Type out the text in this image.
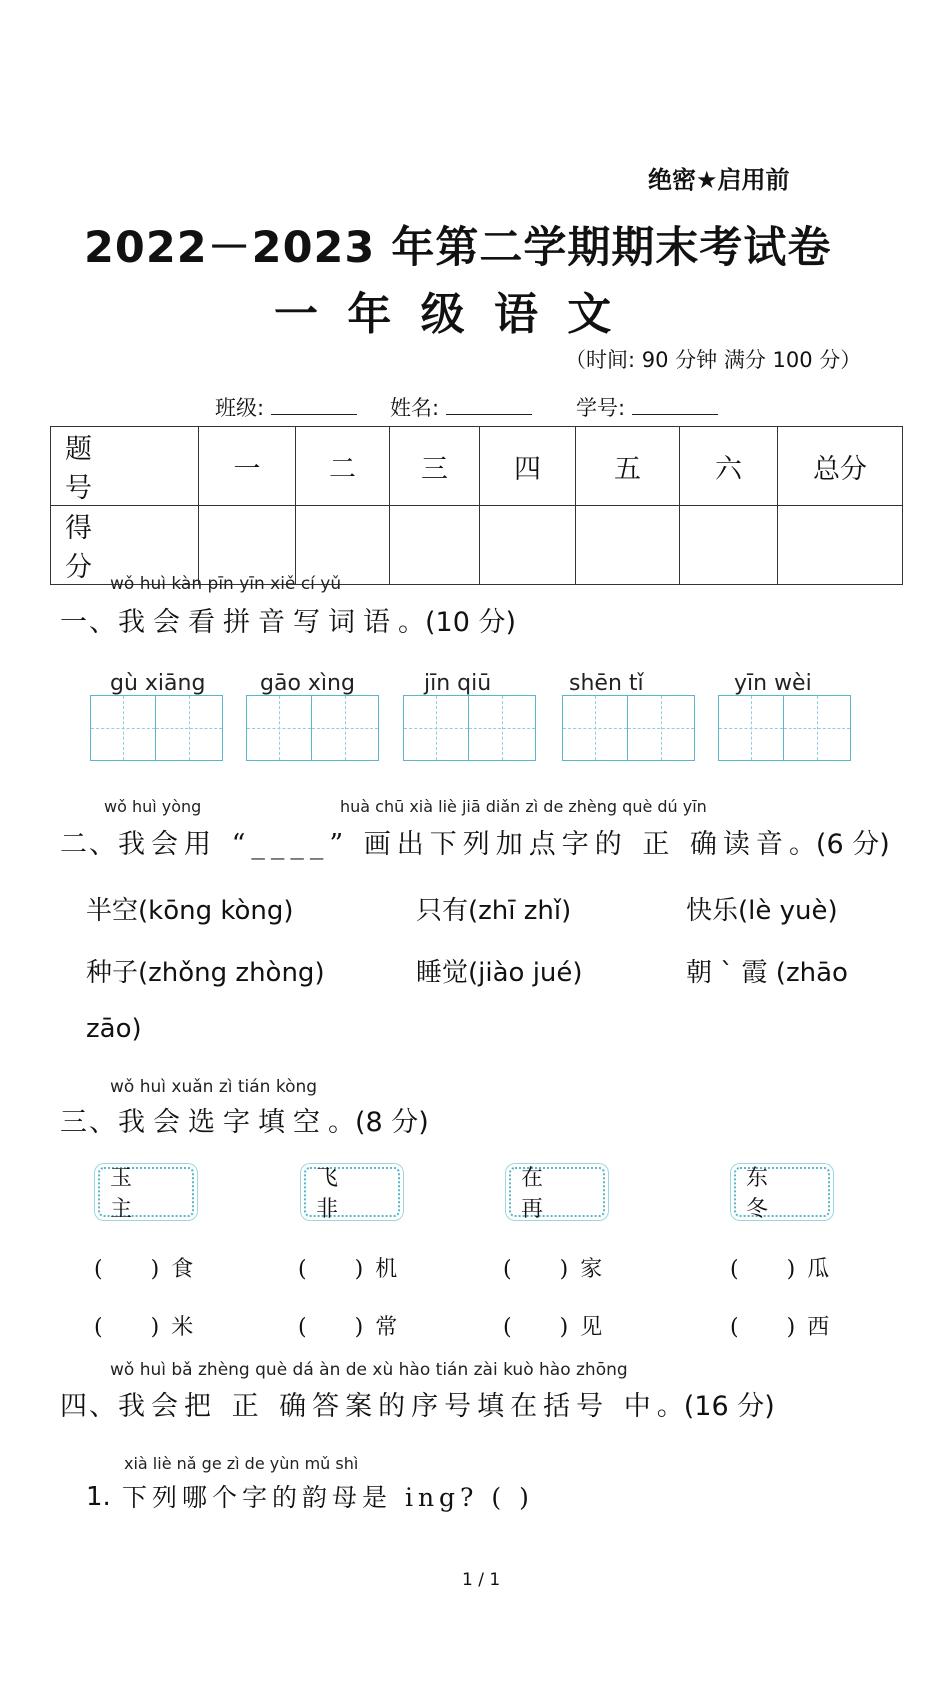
绝密★启用前
2022－2023 年第二学期期末考试卷
一 年 级 语 文
（时间: 90 分钟 满分 100 分）
班级:	姓名:	学号:
题　号	一	二	三	四	五	六	总分
得　分							
wǒ huì kàn pīn yīn xiě cí yǔ
一、我会看拼音写词语。(10 分)
gù xiāng gāo xìng	jīn qiū	shēn tǐ	yīn wèi
wǒ huì yòng	huà chū xià liè jiā diǎn zì de zhèng què dú yīn
二、我会用 “____” 画出下列加点字的 正 确读音。(6 分)
半空(kōng kòng)	只有(zhī zhǐ)	快乐(lè yuè)
种子(zhǒng zhòng)	睡觉(jiào jué)	朝 ˋ 霞 (zhāo
zāo)
wǒ huì xuǎn zì tián kòng
三、我会选字填空。(8 分)
玉主
飞非
在再
东冬
( ) 食	( ) 机	( ) 家	( ) 瓜
( ) 米	( ) 常	( ) 见	( ) 西
wǒ huì bǎ zhèng què dá àn de xù hào tián zài kuò hào zhōng
四、我会把 正 确答案的序号填在括号 中。(16 分)
xià liè nǎ ge zì de yùn mǔ shì
1. 下列哪个字的韵母是 ing? ( )
1 / 1
